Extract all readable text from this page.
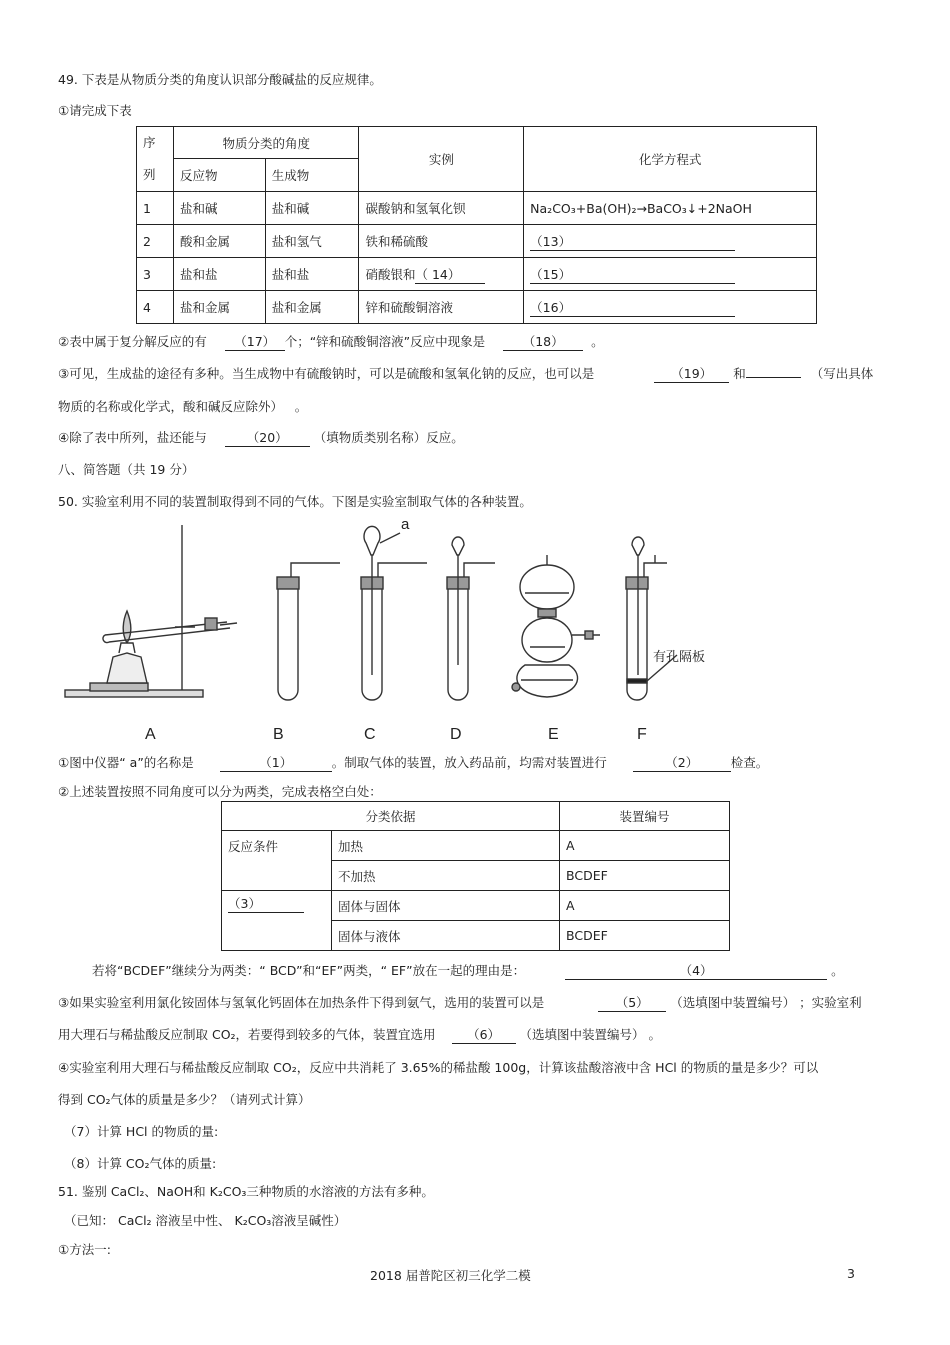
49. 下表是从物质分类的角度认识部分酸碱盐的反应规律。
①请完成下表
序
列	物质分类的角度		实例	化学方程式
	反应物	生成物		
1	盐和碱	盐和碱	碳酸钠和氢氧化钡	Na₂CO₃+Ba(OH)₂→BaCO₃↓+2NaOH
2	酸和金属	盐和氢气	铁和稀硫酸	（13）
3	盐和盐	盐和盐	硝酸银和（ 14）	（15）
4	盐和金属	盐和金属	锌和硫酸铜溶液	（16）
②表中属于复分解反应的有 （17） 个；“锌和硫酸铜溶液”反应中现象是	（18） 。
③可见，生成盐的途径有多种。当生成物中有硫酸钠时，可以是硫酸和氢氧化钠的反应，也可以是	（19） 和	（写出具体
物质的名称或化学式，酸和碱反应除外） 。
④除了表中所列，盐还能与	（20） （填物质类别名称）反应。
八、简答题（共 19 分）
50. 实验室利用不同的装置制取得到不同的气体。下图是实验室制取气体的各种装置。
a
有孔隔板
A	B	C	D	E	F
①图中仪器“ a”的名称是	（1）	。制取气体的装置，放入药品前，均需对装置进行	（2）	检查。
②上述装置按照不同角度可以分为两类，完成表格空白处：
分类依据		装置编号
反应条件	加热	A
	不加热	BCDEF
（3）	固体与固体	A
	固体与液体	BCDEF
若将“BCDEF”继续分为两类：“ BCD”和“EF”两类，“ EF”放在一起的理由是：	（4）	。
③如果实验室利用氯化铵固体与氢氧化钙固体在加热条件下得到氨气，选用的装置可以是	（5） （选填图中装置编号） ；实验室利
用大理石与稀盐酸反应制取 CO₂，若要得到较多的气体，装置宜选用	（6） （选填图中装置编号） 。
④实验室利用大理石与稀盐酸反应制取 CO₂，反应中共消耗了 3.65%的稀盐酸 100g，计算该盐酸溶液中含 HCl 的物质的量是多少？可以
得到 CO₂气体的质量是多少？（请列式计算）
（7）计算 HCl 的物质的量:
（8）计算 CO₂气体的质量:
51. 鉴别 CaCl₂、NaOH和 K₂CO₃三种物质的水溶液的方法有多种。
（已知： CaCl₂ 溶液呈中性、 K₂CO₃溶液呈碱性）
①方法一:
2018 届普陀区初三化学二模	3
